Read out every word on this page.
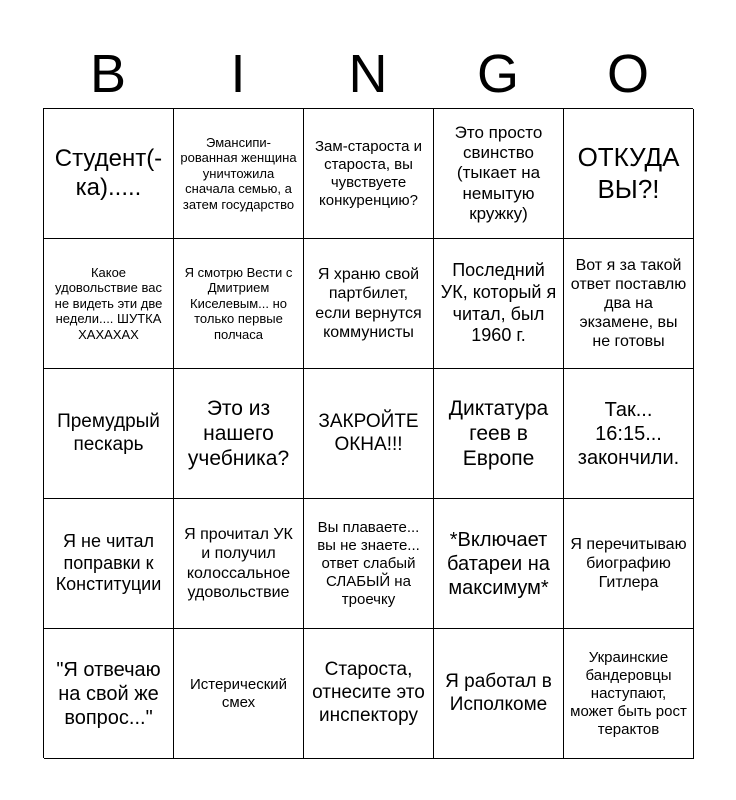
B	I	N	G	O
Студент(-ка).....
Эмансипи-рованная женщина уничтожила сначала семью, а затем государство
Зам-староста и староста, вы чувствуете конкуренцию?
Это просто свинство (тыкает на немытую кружку)
ОТКУДА ВЫ?!
Какое удовольствие вас не видеть эти две недели.... ШУТКА ХАХАХАХ
Я смотрю Вести с Дмитрием Киселевым... но только первые полчаса
Я храню свой партбилет, если вернутся коммунисты
Последний УК, который я читал, был 1960 г.
Вот я за такой ответ поставлю два на экзамене, вы не готовы
Премудрый пескарь
Это из нашего учебника?
ЗАКРОЙТЕ ОКНА!!!
Диктатура геев в Европе
Так... 16:15... закончили.
Я не читал поправки к Конституции
Я прочитал УК и получил колоссальное удовольствие
Вы плаваете... вы не знаете... ответ слабый СЛАБЫЙ на троечку
*Включает батареи на максимум*
Я перечитываю биографию Гитлера
"Я отвечаю на свой же вопрос..."
Истерический смех
Староста, отнесите это инспектору
Я работал в Исполкоме
Украинские бандеровцы наступают, может быть рост терактов
